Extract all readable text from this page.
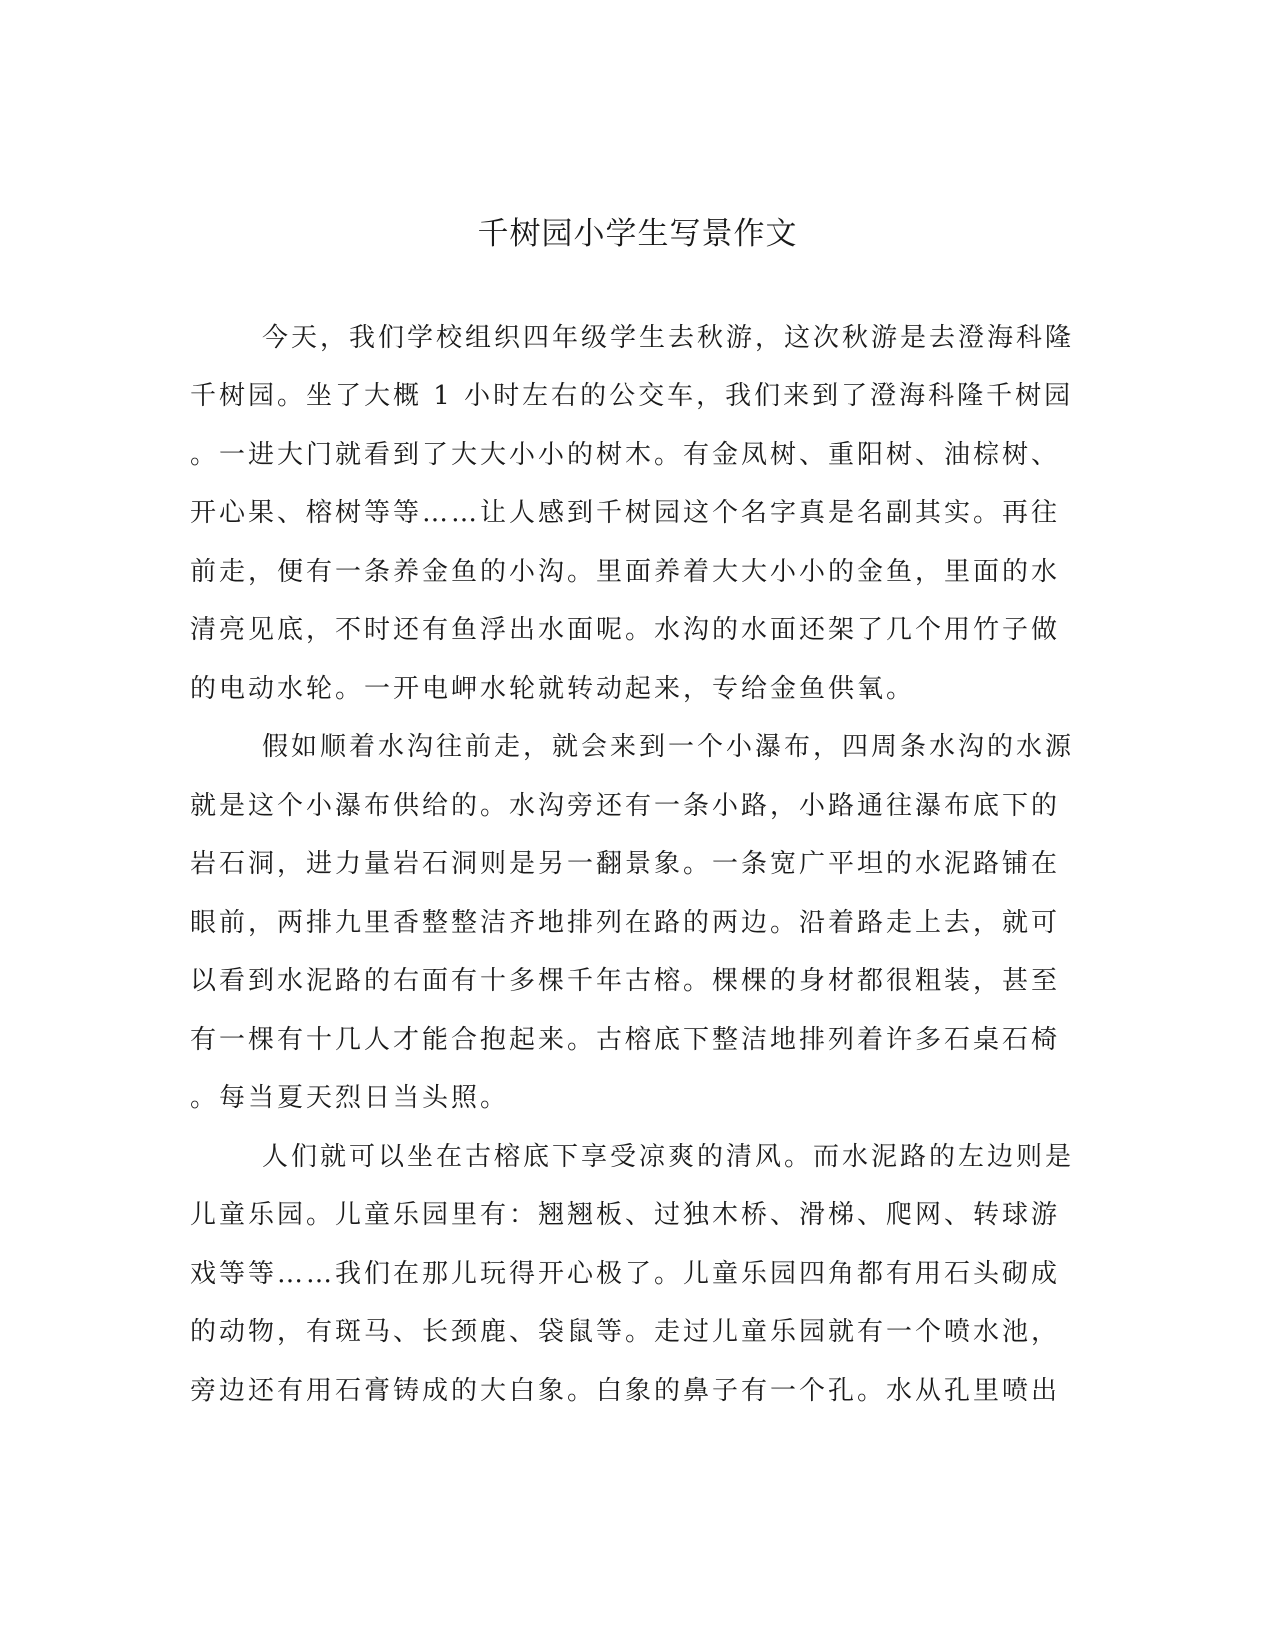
千树园小学生写景作文
今天，我们学校组织四年级学生去秋游，这次秋游是去澄海科隆
千树园。坐了大概 1 小时左右的公交车，我们来到了澄海科隆千树园
。一进大门就看到了大大小小的树木。有金凤树、重阳树、油棕树、
开心果、榕树等等……让人感到千树园这个名字真是名副其实。再往
前走，便有一条养金鱼的小沟。里面养着大大小小的金鱼，里面的水
清亮见底，不时还有鱼浮出水面呢。水沟的水面还架了几个用竹子做
的电动水轮。一开电岬水轮就转动起来，专给金鱼供氧。
假如顺着水沟往前走，就会来到一个小瀑布，四周条水沟的水源
就是这个小瀑布供给的。水沟旁还有一条小路，小路通往瀑布底下的
岩石洞，进力量岩石洞则是另一翻景象。一条宽广平坦的水泥路铺在
眼前，两排九里香整整洁齐地排列在路的两边。沿着路走上去，就可
以看到水泥路的右面有十多棵千年古榕。棵棵的身材都很粗装，甚至
有一棵有十几人才能合抱起来。古榕底下整洁地排列着许多石桌石椅
。每当夏天烈日当头照。
人们就可以坐在古榕底下享受凉爽的清风。而水泥路的左边则是
儿童乐园。儿童乐园里有：翘翘板、过独木桥、滑梯、爬网、转球游
戏等等……我们在那儿玩得开心极了。儿童乐园四角都有用石头砌成
的动物，有斑马、长颈鹿、袋鼠等。走过儿童乐园就有一个喷水池，
旁边还有用石膏铸成的大白象。白象的鼻子有一个孔。水从孔里喷出
